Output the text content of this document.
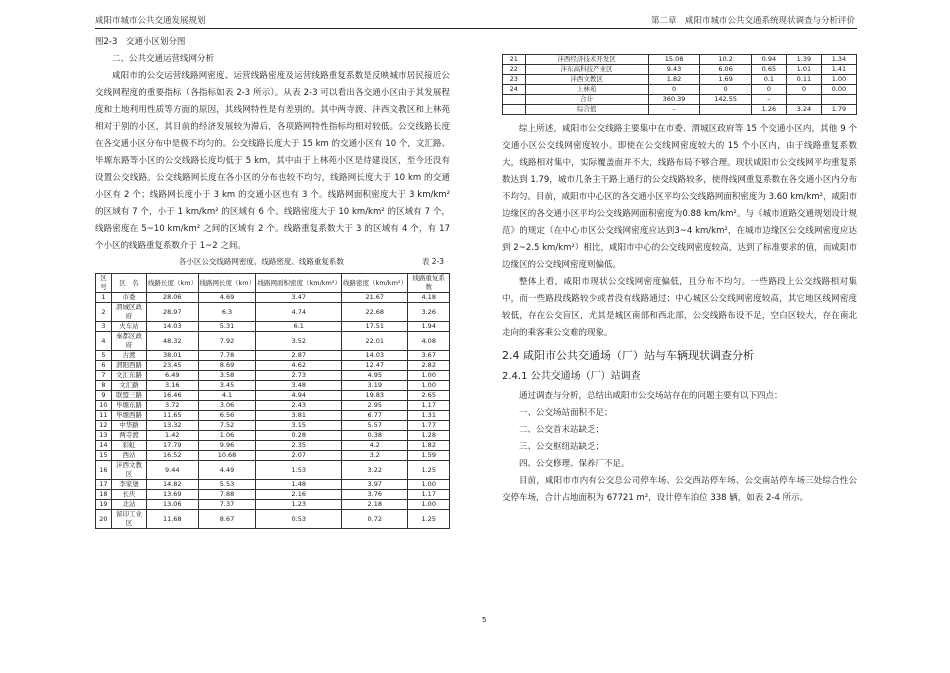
咸阳市城市公共交通发展规划	第二章　咸阳市城市公共交通系统现状调查与分析评价

图2-3　交通小区划分图

二、公共交通运营线网分析

咸阳市的公交运营线路网密度、运营线路密度及运营线路重复系数是反映城市居民接近公交线网程度的重要指标（各指标如表 2-3 所示）。从表 2-3 可以看出各交通小区由于其发展程度和土地利用性质等方面的原因，其线网特性是有差别的。其中两寺渡、沣西文教区和上林苑相对于别的小区，其目前的经济发展较为滞后，各项路网特性指标均相对较低。公交线路长度在各交通小区分布中是极不均匀的。公交线路长度大于 15 km 的交通小区有 10 个，文汇路、毕塬东路等小区的公交线路长度均低于 5 km，其中由于上林苑小区是待建设区，至今还没有设置公交线路。公交线路网长度在各小区的分布也较不均匀，线路网长度大于 10 km 的交通小区有 2 个；线路网长度小于 3 km 的交通小区也有 3 个。线路网面积密度大于 3 km/km² 的区域有 7 个，小于 1 km/km² 的区域有 6 个。线路密度大于 10 km/km² 的区域有 7 个，线路密度在 5~10 km/km² 之间的区域有 2 个。线路重复系数大于 3 的区域有 4 个，有 17 个小区的线路重复系数介于 1~2 之间。

各小区公交线路网密度、线路密度、线路重复系数	表 2-3
区号	区　名	线路长度（km）	线路网长度（km）	线路网面积密度（km/km²）	线路密度（km/km²）	线路重复系数
1	市委	28.06	4.69	3.47	21.67	4.18
2	渭城区政府	28.97	6.3	4.74	22.68	3.26
3	火车站	14.03	5.31	6.1	17.51	1.94
4	秦都区政府	48.32	7.92	3.52	22.01	4.08
5	古渡	38.01	7.78	2.87	14.03	3.67
6	渭阳西路	23.45	8.69	4.62	12.47	2.82
7	文汇东路	6.49	3.58	2.73	4.95	1.00
8	文汇路	3.16	3.45	3.48	3.19	1.00
9	联盟三路	16.46	4.1	4.94	19.83	2.65
10	毕塬东路	3.72	3.06	2.43	2.95	1.17
11	毕塬西路	11.65	6.56	3.81	6.77	1.31
12	中华路	13.32	7.52	3.15	5.57	1.77
13	两寺渡	1.42	1.06	0.28	0.38	1.28
14	彩虹	17.79	9.96	2.35	4.2	1.82
15	西站	16.52	10.68	2.07	3.2	1.59
16	沣西文教区	9.44	4.49	1.53	3.22	1.25
17	李家堡	14.82	5.53	1.48	3.97	1.00
18	长庆	13.69	7.88	2.16	3.76	1.17
19	北站	13.06	7.37	1.23	2.18	1.00
20	留印工业区	11.68	8.67	0.53	0.72	1.25
21	沣西经济技术开发区	15.08	10.2	0.94	1.39	1.34
22	沣东高科技产业区	9.43	6.06	0.65	1.01	1.41
23	沣西文教区	1.82	1.69	0.1	0.11	1.00
24	上林苑	0	0	0	0	0.00
	合计	360.39	142.55	–		
	综合值	–		1.26	3.24	1.79

综上所述，咸阳市公交线路主要集中在市委、渭城区政府等 15 个交通小区内，其他 9 个交通小区公交线网密度较小。即使在公交线网密度较大的 15 个小区内，由于线路重复系数大，线路相对集中，实际覆盖面并不大，线路布局不够合理。现状咸阳市公交线网平均重复系数达到 1.79，城市几条主干路上通行的公交线路较多，使得线网重复系数在各交通小区内分布不均匀。目前，咸阳市中心区的各交通小区平均公交线路网面积密度为 3.60 km/km²，咸阳市边缘区的各交通小区平均公交线路网面积密度为0.88 km/km²。与《城市道路交通规划设计规范》的规定（在中心市区公交线网密度应达到3~4 km/km²，在城市边缘区公交线网密度应达到 2~2.5 km/km²）相比，咸阳市中心的公交线网密度较高，达到了标准要求的值，而咸阳市边缘区的公交线网密度则偏低。

整体上看，咸阳市现状公交线网密度偏低，且分布不均匀。一些路段上公交线路相对集中，而一些路段线路较少或者没有线路通过；中心城区公交线网密度较高，其它地区线网密度较低，存在公交盲区，尤其是城区南部和西北部，公交线路布设不足，空白区较大，存在南北走向的乘客乘公交难的现象。

2.4 咸阳市公共交通场（厂）站与车辆现状调查分析
2.4.1 公共交通场（厂）站调查

通过调查与分析，总结出咸阳市公交场站存在的问题主要有以下四点：

一、公交场站面积不足；

二、公交首末站缺乏；

三、公交枢纽站缺乏；

四、公交修理、保养厂不足。

目前，咸阳市市内有公交总公司停车场、公交西站停车场、公交南站停车场三处综合性公交停车场，合计占地面积为 67721 m²，设计停车泊位 338 辆，如表 2-4 所示。

5
